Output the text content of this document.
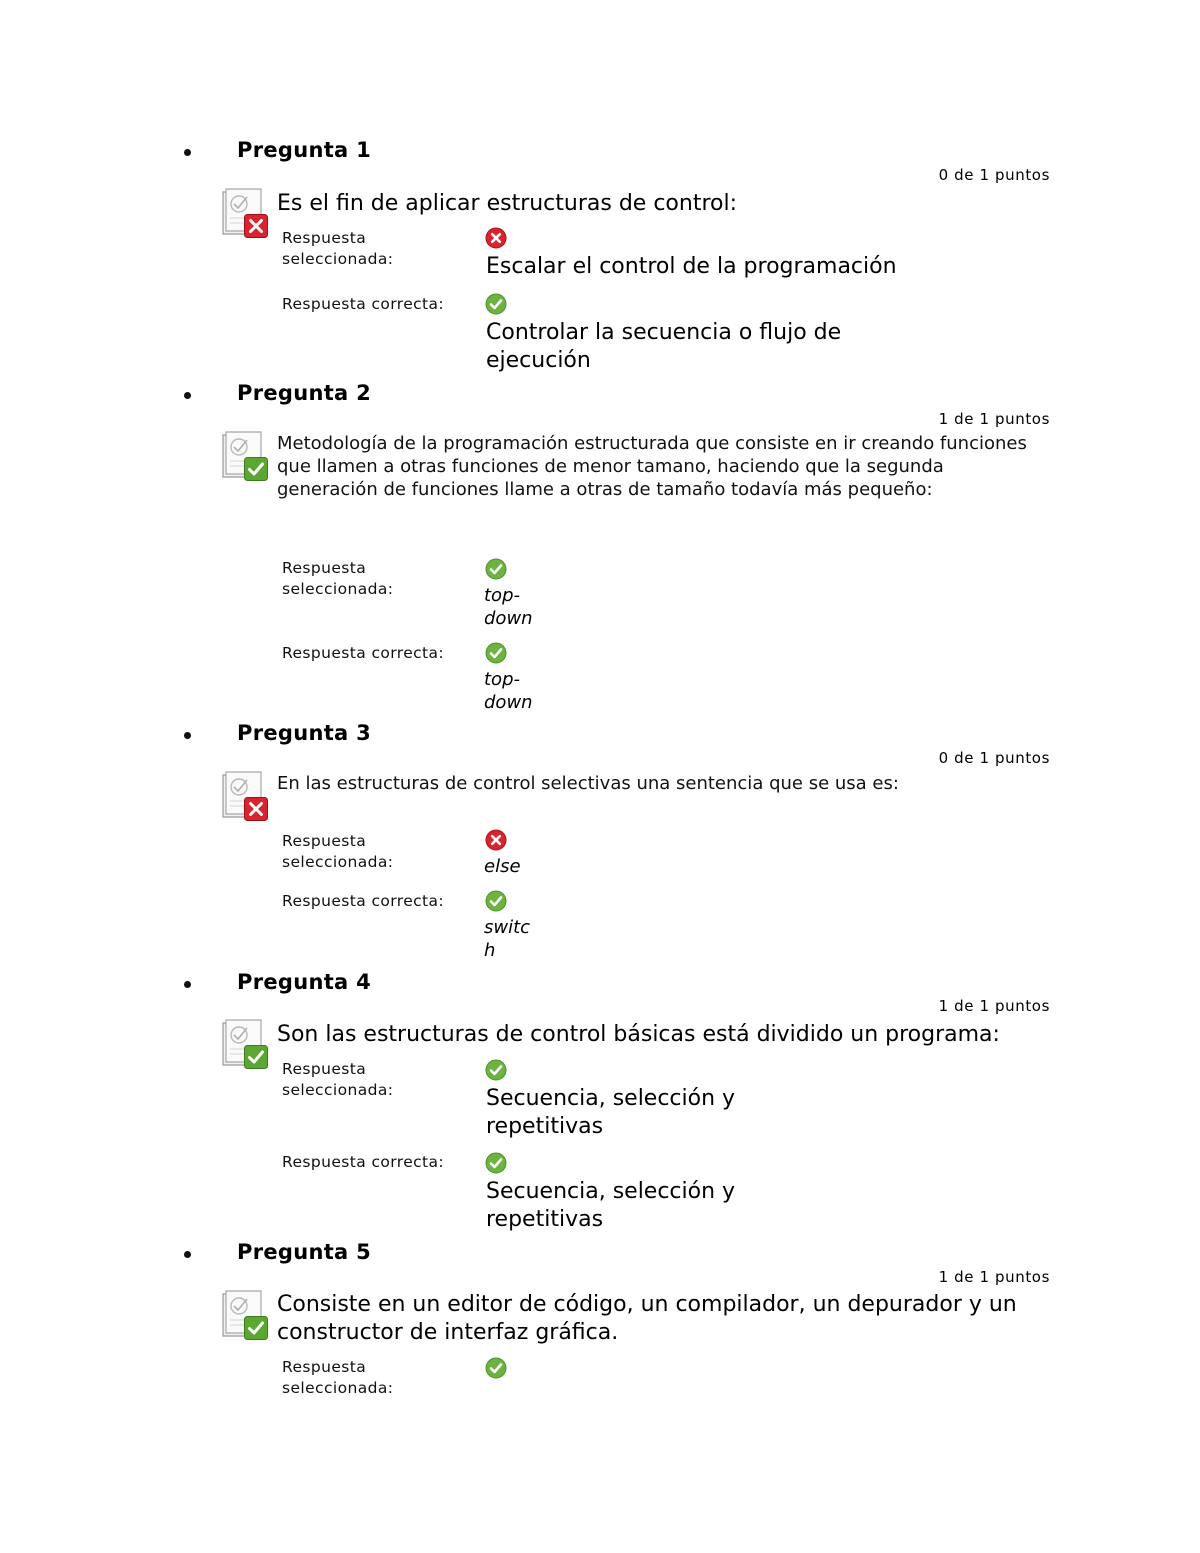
Pregunta 1
0 de 1 puntos
Es el fin de aplicar estructuras de control:
Respuesta seleccionada:	Escalar el control de la programación
Respuesta correcta:
Controlar la secuencia o flujo de ejecución
Pregunta 2
1 de 1 puntos
Metodología de la programación estructurada que consiste en ir creando funciones que llamen a otras funciones de menor tamano, haciendo que la segunda generación de funciones llame a otras de tamaño todavía más pequeño:
Respuesta seleccionada:	top-down
Respuesta correcta:
top-down
Pregunta 3
0 de 1 puntos
En las estructuras de control selectivas una sentencia que se usa es:
Respuesta seleccionada:	else
Respuesta correcta:
switch
Pregunta 4
1 de 1 puntos
Son las estructuras de control básicas está dividido un programa:
Respuesta seleccionada:	Secuencia, selección y repetitivas
Respuesta correcta:
Secuencia, selección y repetitivas
Pregunta 5
1 de 1 puntos
Consiste en un editor de código, un compilador, un depurador y un constructor de interfaz gráfica.
Respuesta seleccionada:
